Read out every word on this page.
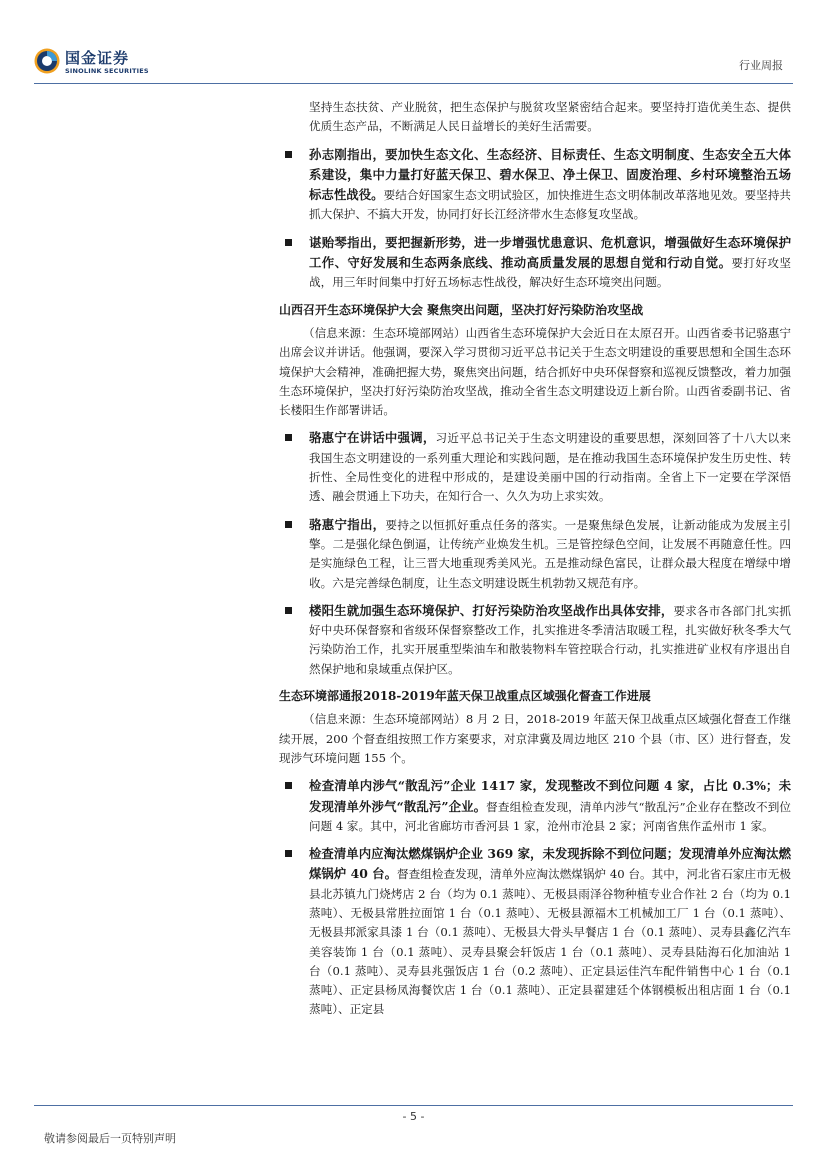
国金证券
SINOLINK SECURITIES	行业周报

坚持生态扶贫、产业脱贫，把生态保护与脱贫攻坚紧密结合起来。要坚持打造优美生态、提供优质生态产品，不断满足人民日益增长的美好生活需要。

孙志刚指出，要加快生态文化、生态经济、目标责任、生态文明制度、生态安全五大体系建设，集中力量打好蓝天保卫、碧水保卫、净土保卫、固废治理、乡村环境整治五场标志性战役。要结合好国家生态文明试验区，加快推进生态文明体制改革落地见效。要坚持共抓大保护、不搞大开发，协同打好长江经济带水生态修复攻坚战。
谌贻琴指出，要把握新形势，进一步增强忧患意识、危机意识，增强做好生态环境保护工作、守好发展和生态两条底线、推动高质量发展的思想自觉和行动自觉。要打好攻坚战，用三年时间集中打好五场标志性战役，解决好生态环境突出问题。
山西召开生态环境保护大会 聚焦突出问题，坚决打好污染防治攻坚战

（信息来源：生态环境部网站）山西省生态环境保护大会近日在太原召开。山西省委书记骆惠宁出席会议并讲话。他强调，要深入学习贯彻习近平总书记关于生态文明建设的重要思想和全国生态环境保护大会精神，准确把握大势，聚焦突出问题，结合抓好中央环保督察和巡视反馈整改，着力加强生态环境保护，坚决打好污染防治攻坚战，推动全省生态文明建设迈上新台阶。山西省委副书记、省长楼阳生作部署讲话。

骆惠宁在讲话中强调，习近平总书记关于生态文明建设的重要思想，深刻回答了十八大以来我国生态文明建设的一系列重大理论和实践问题，是在推动我国生态环境保护发生历史性、转折性、全局性变化的进程中形成的，是建设美丽中国的行动指南。全省上下一定要在学深悟透、融会贯通上下功夫，在知行合一、久久为功上求实效。
骆惠宁指出，要持之以恒抓好重点任务的落实。一是聚焦绿色发展，让新动能成为发展主引擎。二是强化绿色倒逼，让传统产业焕发生机。三是管控绿色空间，让发展不再随意任性。四是实施绿色工程，让三晋大地重现秀美风光。五是推动绿色富民，让群众最大程度在增绿中增收。六是完善绿色制度，让生态文明建设既生机勃勃又规范有序。
楼阳生就加强生态环境保护、打好污染防治攻坚战作出具体安排，要求各市各部门扎实抓好中央环保督察和省级环保督察整改工作，扎实推进冬季清洁取暖工程，扎实做好秋冬季大气污染防治工作，扎实开展重型柴油车和散装物料车管控联合行动，扎实推进矿业权有序退出自然保护地和泉域重点保护区。
生态环境部通报2018-2019年蓝天保卫战重点区域强化督查工作进展

（信息来源：生态环境部网站）8 月 2 日，2018-2019 年蓝天保卫战重点区域强化督查工作继续开展，200 个督查组按照工作方案要求，对京津冀及周边地区 210 个县（市、区）进行督查，发现涉气环境问题 155 个。

检查清单内涉气“散乱污”企业 1417 家，发现整改不到位问题 4 家，占比 0.3%；未发现清单外涉气“散乱污”企业。督查组检查发现，清单内涉气“散乱污”企业存在整改不到位问题 4 家。其中，河北省廊坊市香河县 1 家，沧州市沧县 2 家；河南省焦作孟州市 1 家。
检查清单内应淘汰燃煤锅炉企业 369 家，未发现拆除不到位问题；发现清单外应淘汰燃煤锅炉 40 台。督查组检查发现，清单外应淘汰燃煤锅炉 40 台。其中，河北省石家庄市无极县北苏镇九门烧烤店 2 台（均为 0.1 蒸吨）、无极县雨泽谷物种植专业合作社 2 台（均为 0.1 蒸吨）、无极县常胜拉面馆 1 台（0.1 蒸吨）、无极县源福木工机械加工厂 1 台（0.1 蒸吨）、无极县邦派家具漆 1 台（0.1 蒸吨）、无极县大骨头早餐店 1 台（0.1 蒸吨）、灵寿县鑫亿汽车美容装饰 1 台（0.1 蒸吨）、灵寿县聚会轩饭店 1 台（0.1 蒸吨）、灵寿县陆海石化加油站 1 台（0.1 蒸吨）、灵寿县兆强饭店 1 台（0.2 蒸吨）、正定县运佳汽车配件销售中心 1 台（0.1 蒸吨）、正定县杨凤海餐饮店 1 台（0.1 蒸吨）、正定县翟建廷个体钢模板出租店面 1 台（0.1 蒸吨）、正定县
- 5 -
敬请参阅最后一页特别声明
